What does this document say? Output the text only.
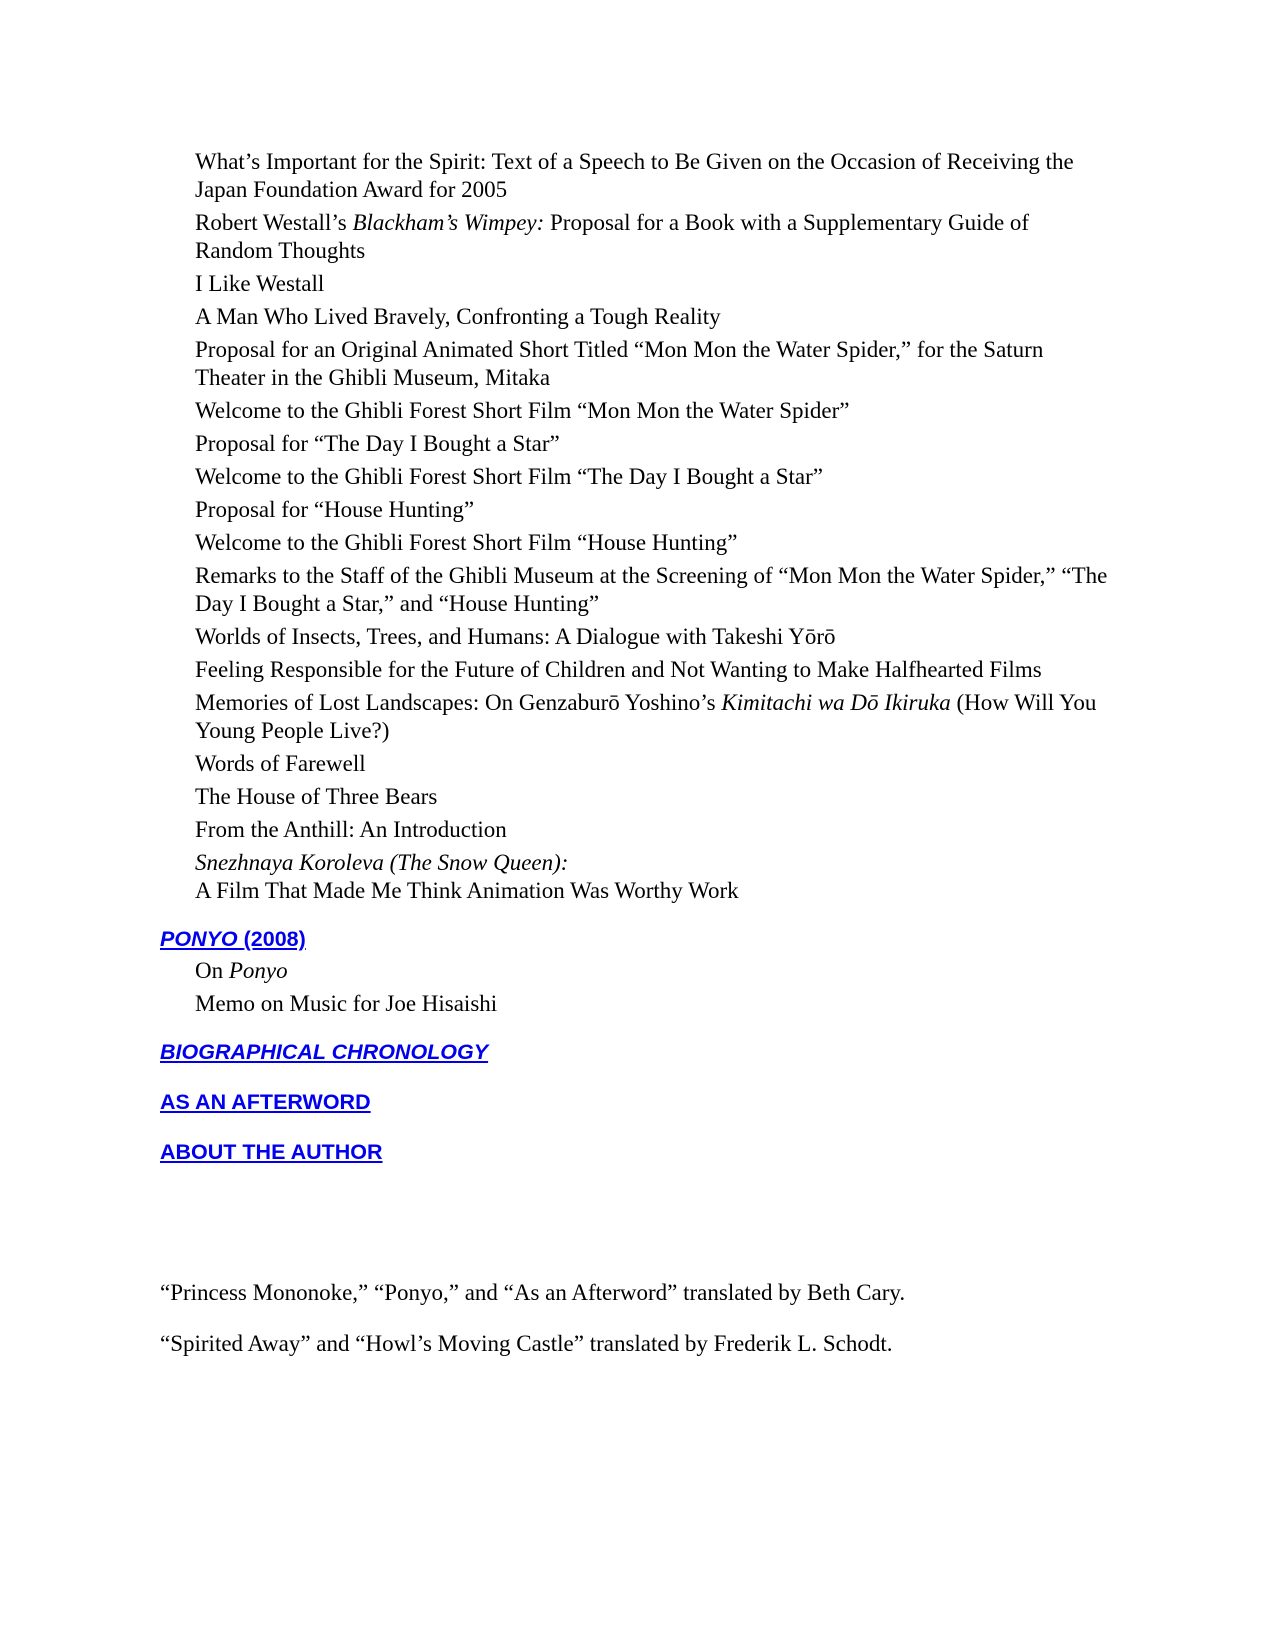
What’s Important for the Spirit: Text of a Speech to Be Given on the Occasion of Receiving the Japan Foundation Award for 2005

Robert Westall’s Blackham’s Wimpey: Proposal for a Book with a Supplementary Guide of Random Thoughts

I Like Westall

A Man Who Lived Bravely, Confronting a Tough Reality

Proposal for an Original Animated Short Titled “Mon Mon the Water Spider,” for the Saturn Theater in the Ghibli Museum, Mitaka

Welcome to the Ghibli Forest Short Film “Mon Mon the Water Spider”

Proposal for “The Day I Bought a Star”

Welcome to the Ghibli Forest Short Film “The Day I Bought a Star”

Proposal for “House Hunting”

Welcome to the Ghibli Forest Short Film “House Hunting”

Remarks to the Staff of the Ghibli Museum at the Screening of “Mon Mon the Water Spider,” “The Day I Bought a Star,” and “House Hunting”

Worlds of Insects, Trees, and Humans: A Dialogue with Takeshi Yōrō

Feeling Responsible for the Future of Children and Not Wanting to Make Halfhearted Films

Memories of Lost Landscapes: On Genzaburō Yoshino’s Kimitachi wa Dō Ikiruka (How Will You Young People Live?)

Words of Farewell

The House of Three Bears

From the Anthill: An Introduction

Snezhnaya Koroleva (The Snow Queen):
A Film That Made Me Think Animation Was Worthy Work

PONYO (2008)

On Ponyo

Memo on Music for Joe Hisaishi

BIOGRAPHICAL CHRONOLOGY
AS AN AFTERWORD
ABOUT THE AUTHOR

“Princess Mononoke,” “Ponyo,” and “As an Afterword” translated by Beth Cary.

“Spirited Away” and “Howl’s Moving Castle” translated by Frederik L. Schodt.
